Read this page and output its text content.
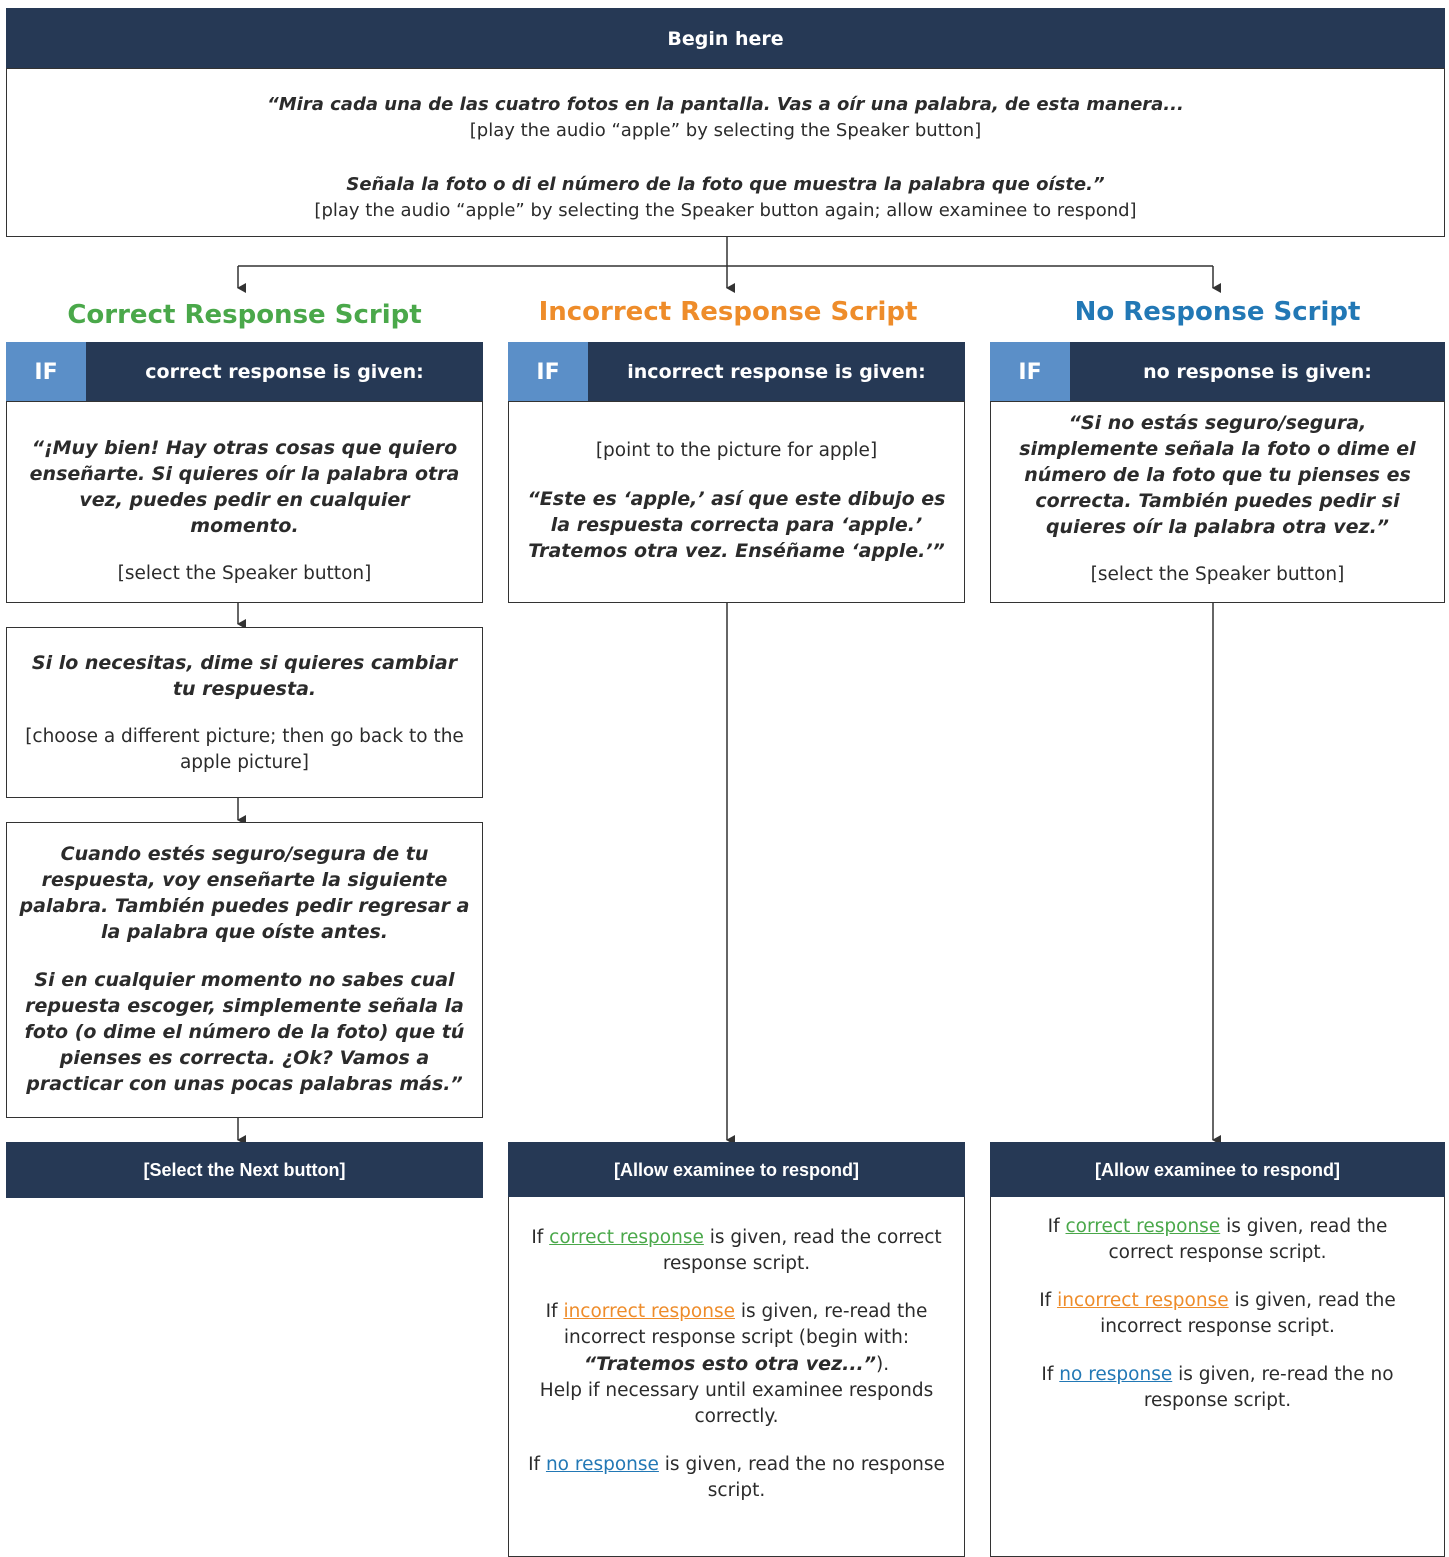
Begin here

“Mira cada una de las cuatro fotos en la pantalla. Vas a oír una palabra, de esta manera...

[play the audio “apple” by selecting the Speaker button]

Señala la foto o di el número de la foto que muestra la palabra que oíste.”

[play the audio “apple” by selecting the Speaker button again; allow examinee to respond]

Correct Response Script	Incorrect Response Script	No Response Script
IF	correct response is given:	IF	incorrect response is given:	IF	no response is given:

“¡Muy bien! Hay otras cosas que quiero enseñarte. Si quieres oír la palabra otra vez, puedes pedir en cualquier momento.

[select the Speaker button]

Si lo necesitas, dime si quieres cambiar tu respuesta.

[choose a different picture; then go back to the apple picture]

Cuando estés seguro/segura de tu respuesta, voy enseñarte la siguiente palabra. También puedes pedir regresar a la palabra que oíste antes.

Si en cualquier momento no sabes cual repuesta escoger, simplemente señala la foto (o dime el número de la foto) que tú pienses es correcta. ¿Ok? Vamos a practicar con unas pocas palabras más.”

[Select the Next button]

[point to the picture for apple]

“Este es ‘apple,’ así que este dibujo es la respuesta correcta para ‘apple.’ Tratemos otra vez. Enséñame ‘apple.’”

[Allow examinee to respond]

If correct response is given, read the correct response script.

If incorrect response is given, re-read the incorrect response script (begin with: “Tratemos esto otra vez...”).
Help if necessary until examinee responds correctly.

If no response is given, read the no response script.

“Si no estás seguro/segura, simplemente señala la foto o dime el número de la foto que tu pienses es correcta. También puedes pedir si quieres oír la palabra otra vez.”

[select the Speaker button]

[Allow examinee to respond]

If correct response is given, read the correct response script.

If incorrect response is given, read the incorrect response script.

If no response is given, re-read the no response script.
